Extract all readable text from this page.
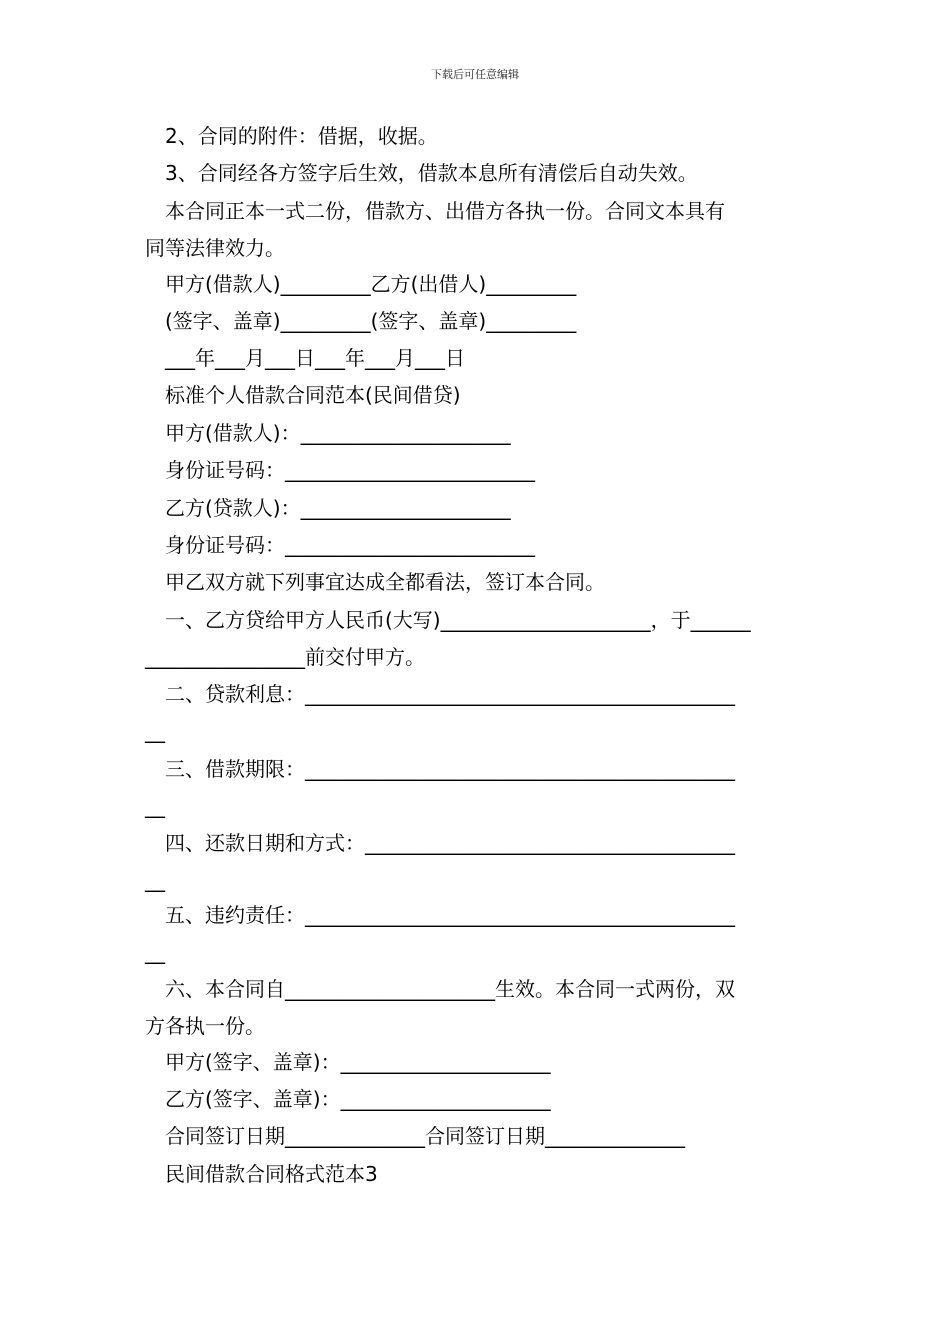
下载后可任意编辑
2、合同的附件：借据，收据。
3、合同经各方签字后生效，借款本息所有清偿后自动失效。
本合同正本一式二份，借款方、出借方各执一份。合同文本具有
同等法律效力。
甲方(借款人)_________乙方(出借人)_________
(签字、盖章)_________(签字、盖章)_________
___年___月___日___年___月___日
标准个人借款合同范本(民间借贷)
甲方(借款人)：_____________________
身份证号码：_________________________
乙方(贷款人)：_____________________
身份证号码：_________________________
甲乙双方就下列事宜达成全都看法，签订本合同。
一、乙方贷给甲方人民币(大写)_____________________，于______
________________前交付甲方。
二、贷款利息：___________________________________________
__
三、借款期限：___________________________________________
__
四、还款日期和方式：_____________________________________
__
五、违约责任：___________________________________________
__
六、本合同自_____________________生效。本合同一式两份，双
方各执一份。
甲方(签字、盖章)：_____________________
乙方(签字、盖章)：_____________________
合同签订日期______________合同签订日期______________
民间借款合同格式范本3
